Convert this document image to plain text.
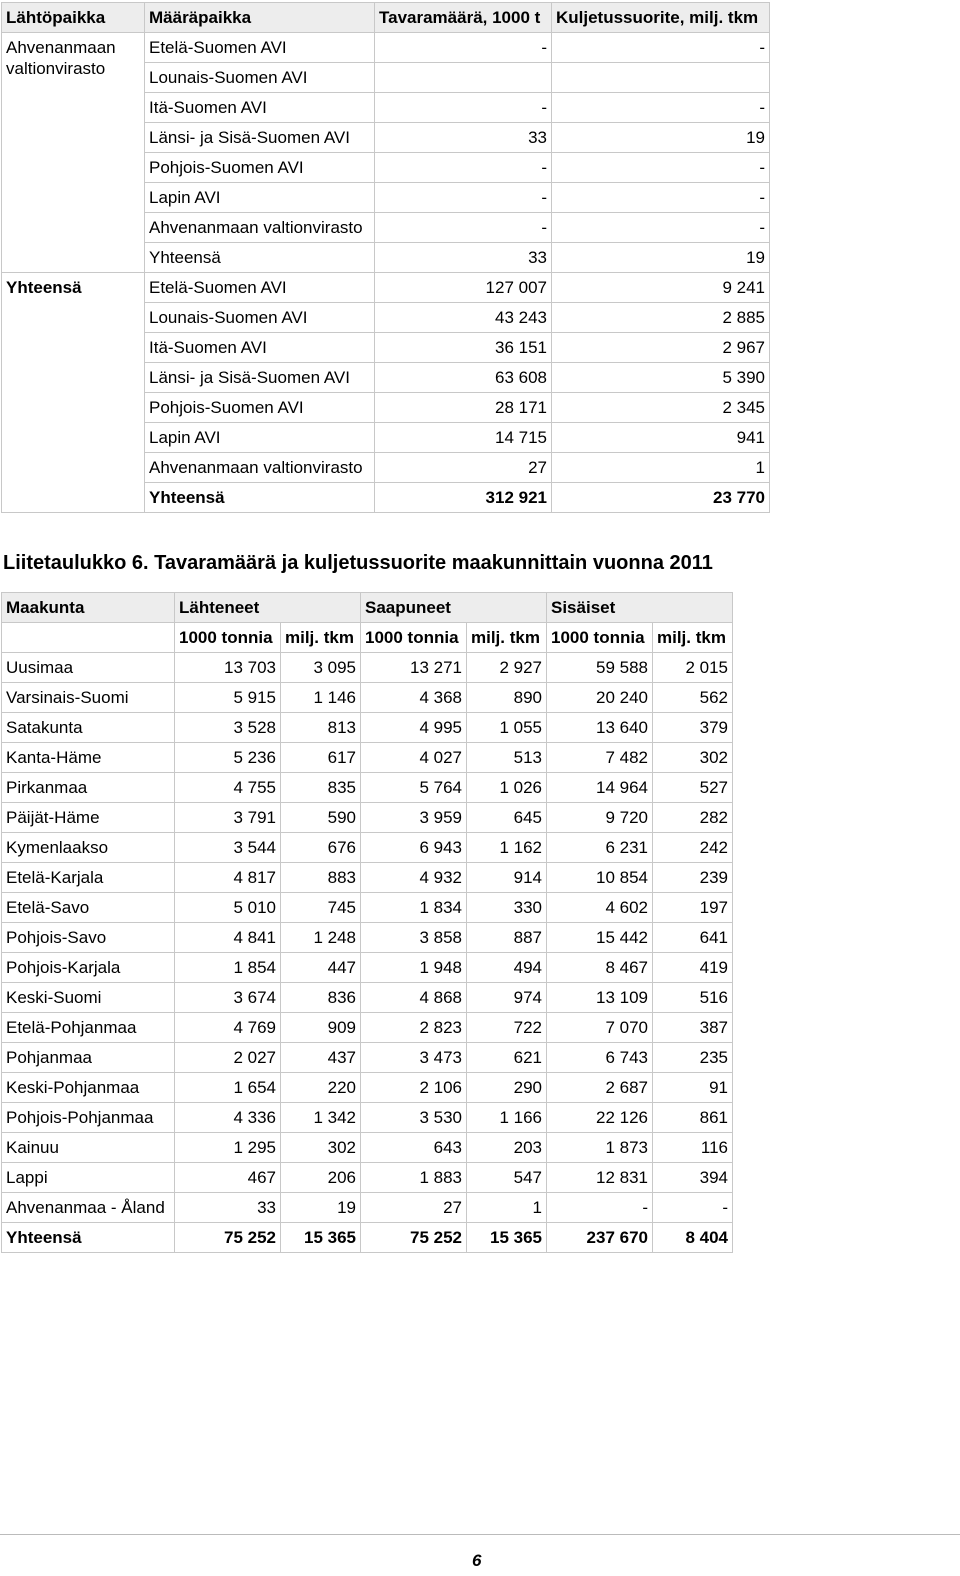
Lähtöpaikka	Määräpaikka	Tavaramäärä, 1000 t	Kuljetussuorite, milj. tkm
Ahvenanmaan valtionvirasto	Etelä-Suomen AVI	-	-
	Lounais-Suomen AVI		
	Itä-Suomen AVI	-	-
	Länsi- ja Sisä-Suomen AVI	33	19
	Pohjois-Suomen AVI	-	-
	Lapin AVI	-	-
	Ahvenanmaan valtionvirasto	-	-
	Yhteensä	33	19
Yhteensä	Etelä-Suomen AVI	127 007	9 241
	Lounais-Suomen AVI	43 243	2 885
	Itä-Suomen AVI	36 151	2 967
	Länsi- ja Sisä-Suomen AVI	63 608	5 390
	Pohjois-Suomen AVI	28 171	2 345
	Lapin AVI	14 715	941
	Ahvenanmaan valtionvirasto	27	1
	Yhteensä	312 921	23 770
Liitetaulukko 6. Tavaramäärä ja kuljetussuorite maakunnittain vuonna 2011
Maakunta	Lähteneet		Saapuneet		Sisäiset	
	1000 tonnia	milj. tkm	1000 tonnia	milj. tkm	1000 tonnia	milj. tkm
Uusimaa	13 703	3 095	13 271	2 927	59 588	2 015
Varsinais-Suomi	5 915	1 146	4 368	890	20 240	562
Satakunta	3 528	813	4 995	1 055	13 640	379
Kanta-Häme	5 236	617	4 027	513	7 482	302
Pirkanmaa	4 755	835	5 764	1 026	14 964	527
Päijät-Häme	3 791	590	3 959	645	9 720	282
Kymenlaakso	3 544	676	6 943	1 162	6 231	242
Etelä-Karjala	4 817	883	4 932	914	10 854	239
Etelä-Savo	5 010	745	1 834	330	4 602	197
Pohjois-Savo	4 841	1 248	3 858	887	15 442	641
Pohjois-Karjala	1 854	447	1 948	494	8 467	419
Keski-Suomi	3 674	836	4 868	974	13 109	516
Etelä-Pohjanmaa	4 769	909	2 823	722	7 070	387
Pohjanmaa	2 027	437	3 473	621	6 743	235
Keski-Pohjanmaa	1 654	220	2 106	290	2 687	91
Pohjois-Pohjanmaa	4 336	1 342	3 530	1 166	22 126	861
Kainuu	1 295	302	643	203	1 873	116
Lappi	467	206	1 883	547	12 831	394
Ahvenanmaa - Åland	33	19	27	1	-	-
Yhteensä	75 252	15 365	75 252	15 365	237 670	8 404
6
